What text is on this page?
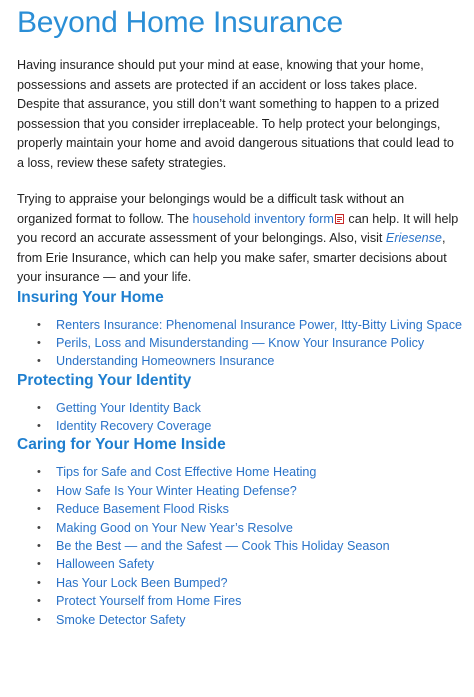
Beyond Home Insurance

Having insurance should put your mind at ease, knowing that your home, possessions and assets are protected if an accident or loss takes place. Despite that assurance, you still don’t want something to happen to a prized possession that you consider irreplaceable. To help protect your belongings, properly maintain your home and avoid dangerous situations that could lead to a loss, review these safety strategies.

Trying to appraise your belongings would be a difficult task without an organized format to follow. The household inventory form can help. It will help you record an accurate assessment of your belongings. Also, visit Eriesense, from Erie Insurance, which can help you make safer, smarter decisions about your insurance — and your life.

Insuring Your Home
• Renters Insurance: Phenomenal Insurance Power, Itty-Bitty Living Space
• Perils, Loss and Misunderstanding — Know Your Insurance Policy
• Understanding Homeowners Insurance
Protecting Your Identity
• Getting Your Identity Back
• Identity Recovery Coverage
Caring for Your Home Inside
• Tips for Safe and Cost Effective Home Heating
• How Safe Is Your Winter Heating Defense?
• Reduce Basement Flood Risks
• Making Good on Your New Year’s Resolve
• Be the Best — and the Safest — Cook This Holiday Season
• Halloween Safety
• Has Your Lock Been Bumped?
• Protect Yourself from Home Fires
• Smoke Detector Safety
